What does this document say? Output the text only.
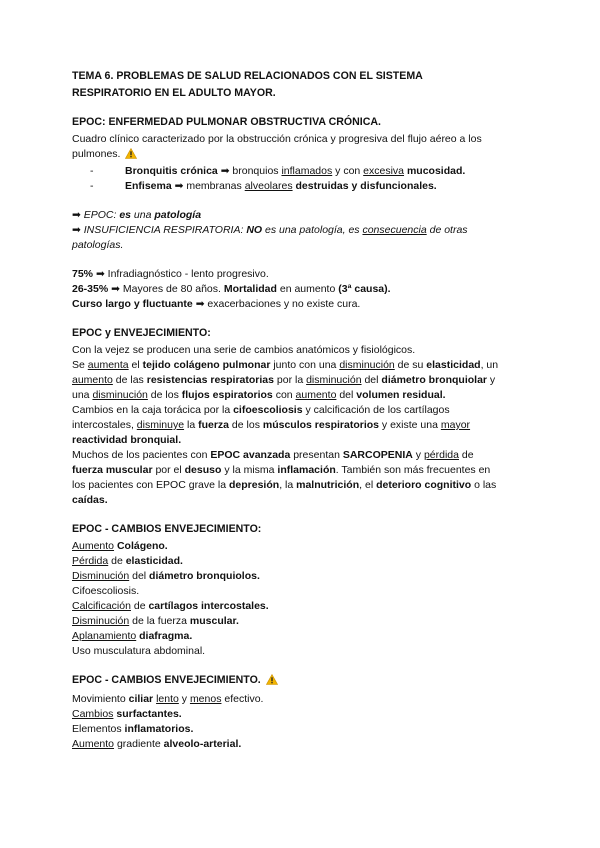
TEMA 6. PROBLEMAS DE SALUD RELACIONADOS CON EL SISTEMA
RESPIRATORIO EN EL ADULTO MAYOR.

EPOC: ENFERMEDAD PULMONAR OBSTRUCTIVA CRÓNICA.

Cuadro clínico caracterizado por la obstrucción crónica y progresiva del flujo aéreo a los
pulmones.

-	Bronquitis crónica ➡ bronquios inflamados y con excesiva mucosidad.
-	Enfisema ➡ membranas alveolares destruidas y disfuncionales.

➡ EPOC: es una patología

➡ INSUFICIENCIA RESPIRATORIA: NO es una patología, es consecuencia de otras
patologías.

75% ➡ Infradiagnóstico - lento progresivo.

26-35% ➡ Mayores de 80 años. Mortalidad en aumento (3ª causa).

Curso largo y fluctuante ➡ exacerbaciones y no existe cura.

EPOC y ENVEJECIMIENTO:

Con la vejez se producen una serie de cambios anatómicos y fisiológicos.

Se aumenta el tejido colágeno pulmonar junto con una disminución de su elasticidad, un
aumento de las resistencias respiratorias por la disminución del diámetro bronquiolar y
una disminución de los flujos espiratorios con aumento del volumen residual.

Cambios en la caja torácica por la cifoescoliosis y calcificación de los cartílagos
intercostales, disminuye la fuerza de los músculos respiratorios y existe una mayor
reactividad bronquial.

Muchos de los pacientes con EPOC avanzada presentan SARCOPENIA y pérdida de
fuerza muscular por el desuso y la misma inflamación. También son más frecuentes en
los pacientes con EPOC grave la depresión, la malnutrición, el deterioro cognitivo o las
caídas.

EPOC - CAMBIOS ENVEJECIMIENTO:

Aumento Colágeno.

Pérdida de elasticidad.

Disminución del diámetro bronquiolos.

Cifoescoliosis.

Calcificación de cartílagos intercostales.

Disminución de la fuerza muscular.

Aplanamiento diafragma.

Uso musculatura abdominal.

EPOC - CAMBIOS ENVEJECIMIENTO.

Movimiento ciliar lento y menos efectivo.

Cambios surfactantes.

Elementos inflamatorios.

Aumento gradiente alveolo-arterial.
